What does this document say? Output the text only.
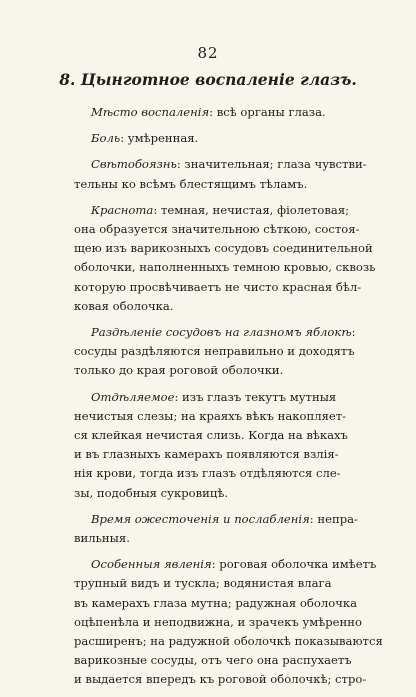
82
8. Цынготное воспаленіе глазъ.
Мѣсто воспаленія: всѣ органы глаза.
Боль: умѣренная.
Свѣтобоязнь: значительная; глаза чувстви-
тельны ко всѣмъ блестящимъ тѣламъ.
Краснота: темная, нечистая, фіолетовая;
она образуется значительною сѣткою, состоя-
щею изъ варикозныхъ сосудовъ соединительной
оболочки, наполненныхъ темною кровью, сквозь
которую просвѣчиваетъ не чисто красная бѣл-
ковая оболочка.
Раздѣленіе сосудовъ на глазномъ яблокѣ:
сосуды раздѣляются неправильно и доходятъ
только до края роговой оболочки.
Отдѣляемое: изъ глазъ текутъ мутныя
нечистыя слезы; на краяхъ вѣкъ накопляет-
ся клейкая нечистая слизь. Когда на вѣкахъ
и въ глазныхъ камерахъ появляются взлія-
нія крови, тогда изъ глазъ отдѣляются сле-
зы, подобныя сукровицѣ.
Время ожесточенія и послабленія: непра-
вильныя.
Особенныя явленія: роговая оболочка имѣетъ
трупный видъ и тускла; водянистая влага
въ камерахъ глаза мутна; радужная оболочка
оцѣпенѣла и неподвижна, и зрачекъ умѣренно
расширенъ; на радужной оболочкѣ показываются
варикозные сосуды, отъ чего она распухаетъ
и выдается впередъ къ роговой оболочкѣ; стро-
